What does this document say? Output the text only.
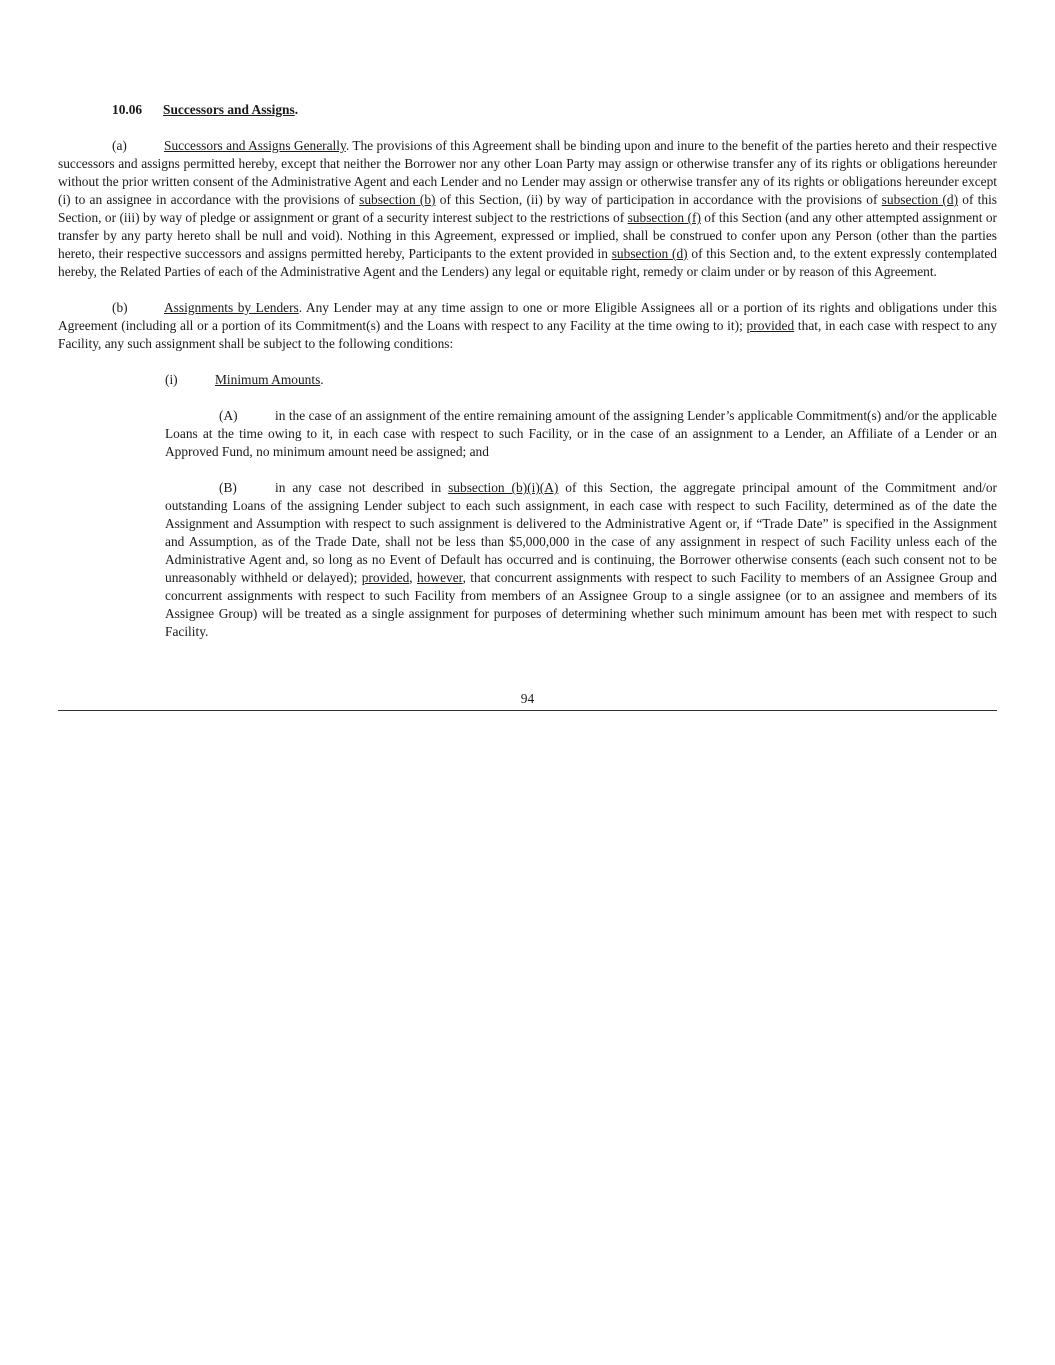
10.06 Successors and Assigns.

(a)	Successors and Assigns Generally. The provisions of this Agreement shall be binding upon and inure to the benefit of the parties hereto and their respective successors and assigns permitted hereby, except that neither the Borrower nor any other Loan Party may assign or otherwise transfer any of its rights or obligations hereunder without the prior written consent of the Administrative Agent and each Lender and no Lender may assign or otherwise transfer any of its rights or obligations hereunder except (i) to an assignee in accordance with the provisions of subsection (b) of this Section, (ii) by way of participation in accordance with the provisions of subsection (d) of this Section, or (iii) by way of pledge or assignment or grant of a security interest subject to the restrictions of subsection (f) of this Section (and any other attempted assignment or transfer by any party hereto shall be null and void). Nothing in this Agreement, expressed or implied, shall be construed to confer upon any Person (other than the parties hereto, their respective successors and assigns permitted hereby, Participants to the extent provided in subsection (d) of this Section and, to the extent expressly contemplated hereby, the Related Parties of each of the Administrative Agent and the Lenders) any legal or equitable right, remedy or claim under or by reason of this Agreement.

(b)	Assignments by Lenders. Any Lender may at any time assign to one or more Eligible Assignees all or a portion of its rights and obligations under this Agreement (including all or a portion of its Commitment(s) and the Loans with respect to any Facility at the time owing to it); provided that, in each case with respect to any Facility, any such assignment shall be subject to the following conditions:

(i)	Minimum Amounts.

(A)	in the case of an assignment of the entire remaining amount of the assigning Lender’s applicable Commitment(s) and/or the applicable Loans at the time owing to it, in each case with respect to such Facility, or in the case of an assignment to a Lender, an Affiliate of a Lender or an Approved Fund, no minimum amount need be assigned; and

(B)	in any case not described in subsection (b)(i)(A) of this Section, the aggregate principal amount of the Commitment and/or outstanding Loans of the assigning Lender subject to each such assignment, in each case with respect to such Facility, determined as of the date the Assignment and Assumption with respect to such assignment is delivered to the Administrative Agent or, if “Trade Date” is specified in the Assignment and Assumption, as of the Trade Date, shall not be less than $5,000,000 in the case of any assignment in respect of such Facility unless each of the Administrative Agent and, so long as no Event of Default has occurred and is continuing, the Borrower otherwise consents (each such consent not to be unreasonably withheld or delayed); provided, however, that concurrent assignments with respect to such Facility to members of an Assignee Group and concurrent assignments with respect to such Facility from members of an Assignee Group to a single assignee (or to an assignee and members of its Assignee Group) will be treated as a single assignment for purposes of determining whether such minimum amount has been met with respect to such Facility.

94
